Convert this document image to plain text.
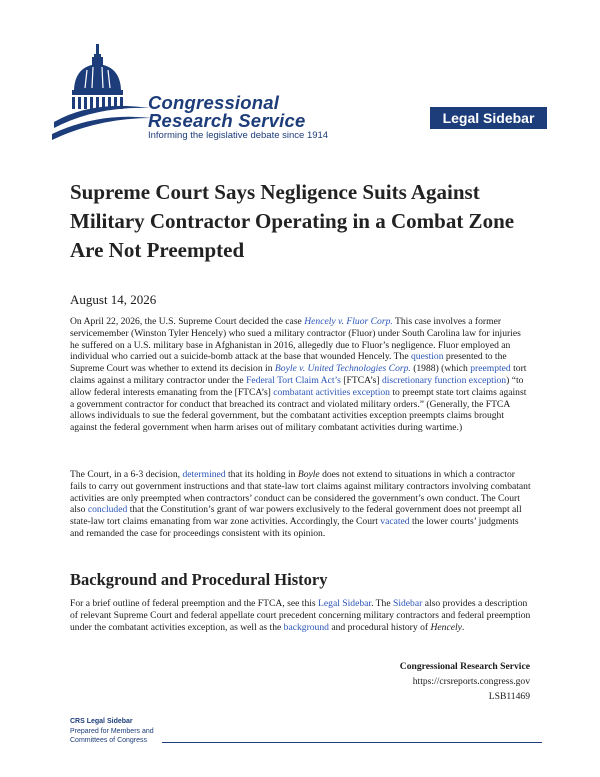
Congressional
Research Service
Informing the legislative debate since 1914
Legal Sidebar
Supreme Court Says Negligence Suits Against Military Contractor Operating in a Combat Zone Are Not Preempted
August 14, 2026

On April 22, 2026, the U.S. Supreme Court decided the case Hencely v. Fluor Corp. This case involves a former servicemember (Winston Tyler Hencely) who sued a military contractor (Fluor) under South Carolina law for injuries he suffered on a U.S. military base in Afghanistan in 2016, allegedly due to Fluor’s negligence. Fluor employed an individual who carried out a suicide-bomb attack at the base that wounded Hencely. The question presented to the Supreme Court was whether to extend its decision in Boyle v. United Technologies Corp. (1988) (which preempted tort claims against a military contractor under the Federal Tort Claim Act’s [FTCA’s] discretionary function exception) “to allow federal interests emanating from the [FTCA’s] combatant activities exception to preempt state tort claims against a government contractor for conduct that breached its contract and violated military orders.” (Generally, the FTCA allows individuals to sue the federal government, but the combatant activities exception preempts claims brought against the federal government when harm arises out of military combatant activities during wartime.)

The Court, in a 6-3 decision, determined that its holding in Boyle does not extend to situations in which a contractor fails to carry out government instructions and that state-law tort claims against military contractors involving combatant activities are only preempted when contractors’ conduct can be considered the government’s own conduct. The Court also concluded that the Constitution’s grant of war powers exclusively to the federal government does not preempt all state-law tort claims emanating from war zone activities. Accordingly, the Court vacated the lower courts’ judgments and remanded the case for proceedings consistent with its opinion.

Background and Procedural History

For a brief outline of federal preemption and the FTCA, see this Legal Sidebar. The Sidebar also provides a description of relevant Supreme Court and federal appellate court precedent concerning military contractors and federal preemption under the combatant activities exception, as well as the background and procedural history of Hencely.

Congressional Research Service
https://crsreports.congress.gov
LSB11469
CRS Legal Sidebar
Prepared for Members and
Committees of Congress
